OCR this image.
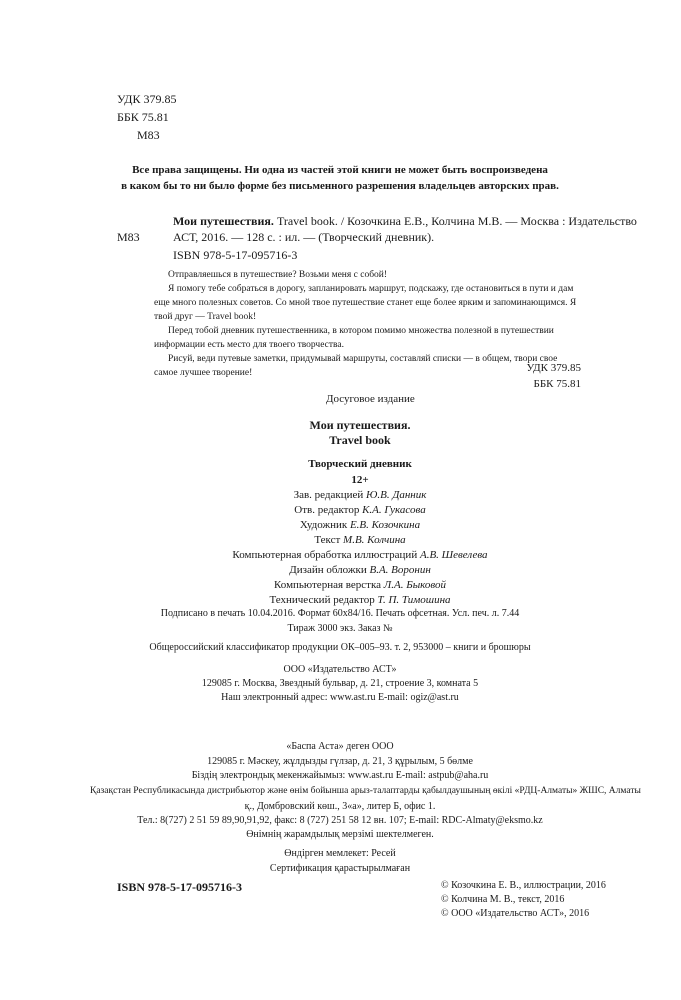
УДК 379.85
ББК 75.81
М83
Все права защищены. Ни одна из частей этой книги не может быть воспроизведена
в каком бы то ни было форме без письменного разрешения владельцев авторских прав.
М83
Мои путешествия. Travel book. / Козочкина Е.В., Колчина М.В. — Москва : Издательство
АСТ, 2016. — 128 с. : ил. — (Творческий дневник).
ISBN 978-5-17-095716-3

Отправляешься в путешествие? Возьми меня с собой!

Я помогу тебе собраться в дорогу, запланировать маршрут, подскажу, где остановиться в пути и дам еще много полезных советов. Со мной твое путешествие станет еще более ярким и запоминающимся. Я твой друг — Travel book!

Перед тобой дневник путешественника, в котором помимо множества полезной в путешествии информации есть место для твоего творчества.

Рисуй, веди путевые заметки, придумывай маршруты, составляй списки — в общем, твори свое самое лучшее творение!	УДК 379.85
ББК 75.81
Досуговое издание
Мои путешествия.
Travel book
Творческий дневник
12+
Зав. редакцией Ю.В. Данник
Отв. редактор К.А. Гукасова
Художник Е.В. Козочкина
Текст М.В. Колчина
Компьютерная обработка иллюстраций А.В. Шевелева
Дизайн обложки В.А. Воронин
Компьютерная верстка Л.А. Быковой
Технический редактор Т. П. Тимошина
Подписано в печать 10.04.2016. Формат 60x84/16. Печать офсетная. Усл. печ. л. 7.44
Тираж 3000 экз. Заказ №
Общероссийский классификатор продукции ОК–005–93. т. 2, 953000 – книги и брошюры
ООО «Издательство АСТ»
129085 г. Москва, Звездный бульвар, д. 21, строение 3, комната 5
Наш электронный адрес: www.ast.ru E-mail: ogiz@ast.ru
«Баспа Аста» деген ООО
129085 г. Мәскеу, жұлдызды гүлзар, д. 21, 3 құрылым, 5 бөлме
Біздің электрондық мекенжайымыз: www.ast.ru E-mail: astpub@aha.ru
Қазақстан Республикасында дистрибьютор және өнім бойынша арыз-талаптарды қабылдаушының өкілі «РДЦ-Алматы» ЖШС, Алматы
қ., Домбровский көш., 3«а», литер Б, офис 1.
Тел.: 8(727) 2 51 59 89,90,91,92, факс: 8 (727) 251 58 12 вн. 107; E-mail: RDC-Almaty@eksmo.kz
Өнімнің жарамдылық мерзімі шектелмеген.
Өндірген мемлекет: Ресей
Сертификация қарастырылмаған
ISBN 978-5-17-095716-3	© Козочкина Е. В., иллюстрации, 2016
© Колчина М. В., текст, 2016
© ООО «Издательство АСТ», 2016
